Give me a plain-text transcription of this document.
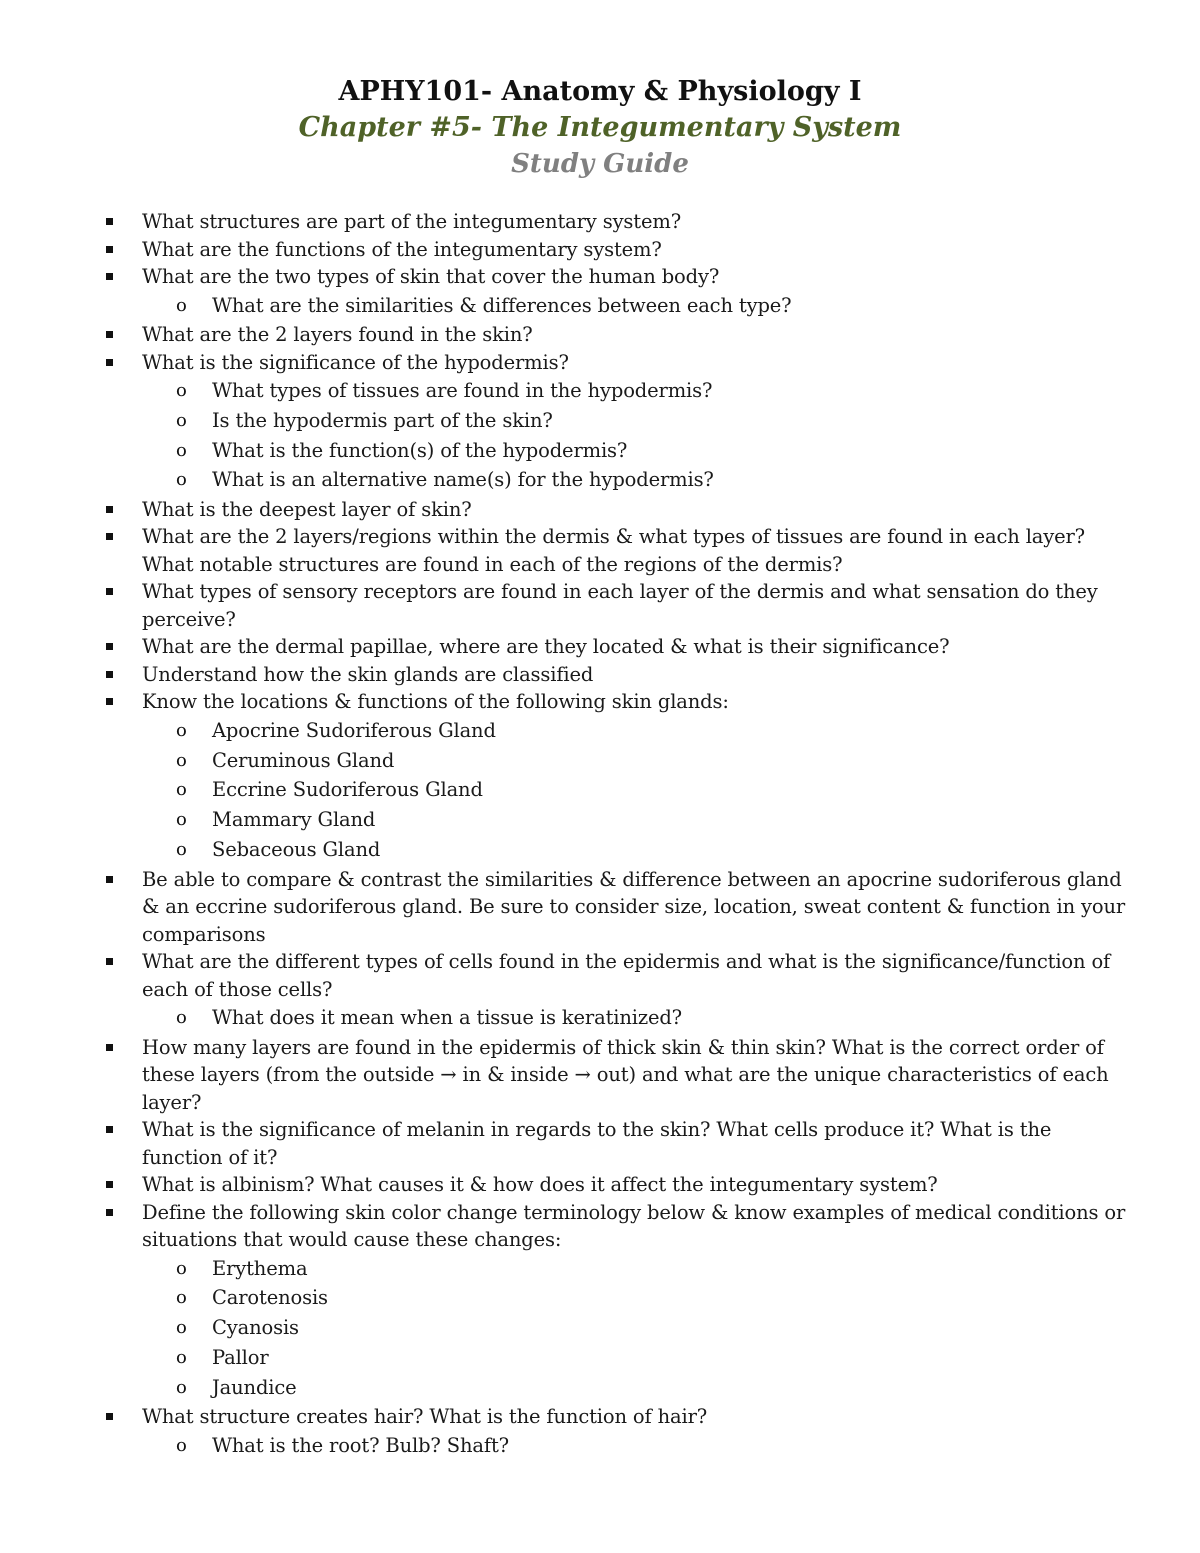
APHY101- Anatomy & Physiology I
Chapter #5- The Integumentary System
Study Guide
What structures are part of the integumentary system?
What are the functions of the integumentary system?
What are the two types of skin that cover the human body?
o What are the similarities & differences between each type?
What are the 2 layers found in the skin?
What is the significance of the hypodermis?
o What types of tissues are found in the hypodermis?
o Is the hypodermis part of the skin?
o What is the function(s) of the hypodermis?
o What is an alternative name(s) for the hypodermis?
What is the deepest layer of skin?
What are the 2 layers/regions within the dermis & what types of tissues are found in each layer? What notable structures are found in each of the regions of the dermis?
What types of sensory receptors are found in each layer of the dermis and what sensation do they perceive?
What are the dermal papillae, where are they located & what is their significance?
Understand how the skin glands are classified
Know the locations & functions of the following skin glands:
o Apocrine Sudoriferous Gland
o Ceruminous Gland
o Eccrine Sudoriferous Gland
o Mammary Gland
o Sebaceous Gland
Be able to compare & contrast the similarities & difference between an apocrine sudoriferous gland & an eccrine sudoriferous gland. Be sure to consider size, location, sweat content & function in your comparisons
What are the different types of cells found in the epidermis and what is the significance/function of each of those cells?
o What does it mean when a tissue is keratinized?
How many layers are found in the epidermis of thick skin & thin skin? What is the correct order of these layers (from the outside → in & inside → out) and what are the unique characteristics of each layer?
What is the significance of melanin in regards to the skin? What cells produce it? What is the function of it?
What is albinism? What causes it & how does it affect the integumentary system?
Define the following skin color change terminology below & know examples of medical conditions or situations that would cause these changes:
o Erythema
o Carotenosis
o Cyanosis
o Pallor
o Jaundice
What structure creates hair? What is the function of hair?
o What is the root? Bulb? Shaft?
